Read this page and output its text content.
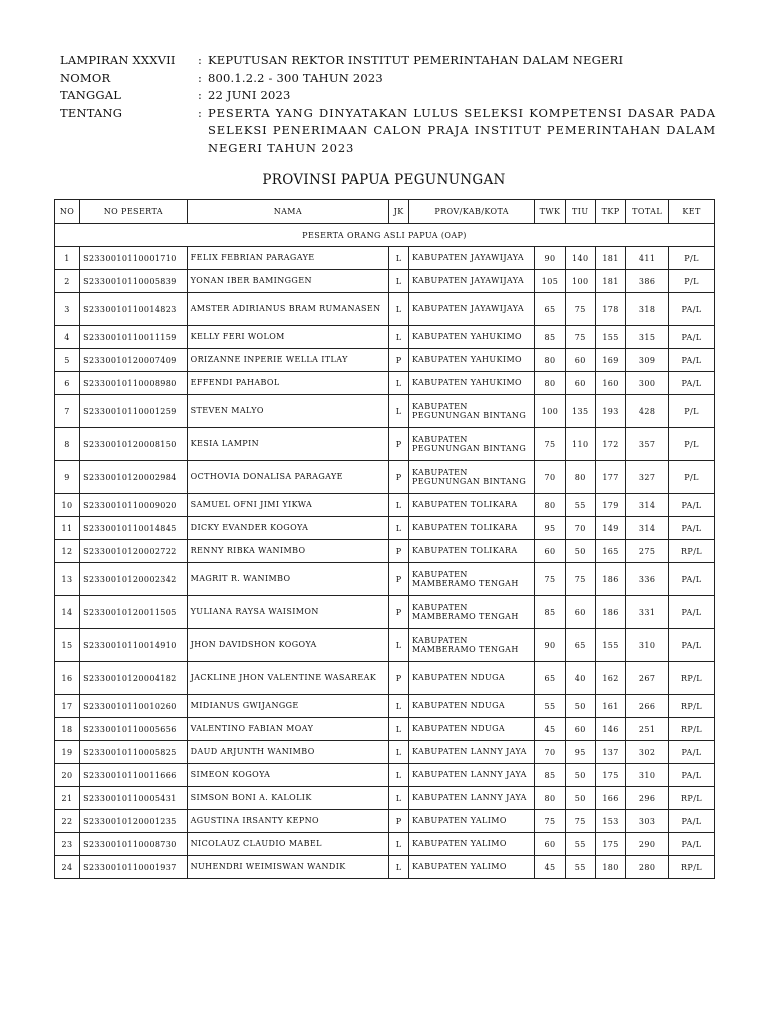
LAMPIRAN XXXVII	: KEPUTUSAN REKTOR INSTITUT PEMERINTAHAN DALAM NEGERI
NOMOR	: 800.1.2.2 - 300 TAHUN 2023
TANGGAL	: 22 JUNI 2023
TENTANG	: PESERTA YANG DINYATAKAN LULUS SELEKSI KOMPETENSI DASAR PADA SELEKSI PENERIMAAN CALON PRAJA INSTITUT PEMERINTAHAN DALAM NEGERI TAHUN 2023
PROVINSI PAPUA PEGUNUNGAN
NO	NO PESERTA	NAMA	JK	PROV/KAB/KOTA	TWK	TIU	TKP	TOTAL	KET
PESERTA ORANG ASLI PAPUA (OAP)									
1	S2330010110001710	FELIX FEBRIAN PARAGAYE	L	KABUPATEN JAYAWIJAYA	90	140	181	411	P/L
2	S2330010110005839	YONAN IBER BAMINGGEN	L	KABUPATEN JAYAWIJAYA	105	100	181	386	P/L
3	S2330010110014823	AMSTER ADIRIANUS BRAM RUMANASEN	L	KABUPATEN JAYAWIJAYA	65	75	178	318	PA/L
4	S2330010110011159	KELLY FERI WOLOM	L	KABUPATEN YAHUKIMO	85	75	155	315	PA/L
5	S2330010120007409	ORIZANNE INPERIE WELLA ITLAY	P	KABUPATEN YAHUKIMO	80	60	169	309	PA/L
6	S2330010110008980	EFFENDI PAHABOL	L	KABUPATEN YAHUKIMO	80	60	160	300	PA/L
7	S2330010110001259	STEVEN MALYO	L	KABUPATEN PEGUNUNGAN BINTANG	100	135	193	428	P/L
8	S2330010120008150	KESIA LAMPIN	P	KABUPATEN PEGUNUNGAN BINTANG	75	110	172	357	P/L
9	S2330010120002984	OCTHOVIA DONALISA PARAGAYE	P	KABUPATEN PEGUNUNGAN BINTANG	70	80	177	327	P/L
10	S2330010110009020	SAMUEL OFNI JIMI YIKWA	L	KABUPATEN TOLIKARA	80	55	179	314	PA/L
11	S2330010110014845	DICKY EVANDER KOGOYA	L	KABUPATEN TOLIKARA	95	70	149	314	PA/L
12	S2330010120002722	RENNY RIBKA WANIMBO	P	KABUPATEN TOLIKARA	60	50	165	275	RP/L
13	S2330010120002342	MAGRIT R. WANIMBO	P	KABUPATEN MAMBERAMO TENGAH	75	75	186	336	PA/L
14	S2330010120011505	YULIANA RAYSA WAISIMON	P	KABUPATEN MAMBERAMO TENGAH	85	60	186	331	PA/L
15	S2330010110014910	JHON DAVIDSHON KOGOYA	L	KABUPATEN MAMBERAMO TENGAH	90	65	155	310	PA/L
16	S2330010120004182	JACKLINE JHON VALENTINE WASAREAK	P	KABUPATEN NDUGA	65	40	162	267	RP/L
17	S2330010110010260	MIDIANUS GWIJANGGE	L	KABUPATEN NDUGA	55	50	161	266	RP/L
18	S2330010110005656	VALENTINO FABIAN MOAY	L	KABUPATEN NDUGA	45	60	146	251	RP/L
19	S2330010110005825	DAUD ARJUNTH WANIMBO	L	KABUPATEN LANNY JAYA	70	95	137	302	PA/L
20	S2330010110011666	SIMEON KOGOYA	L	KABUPATEN LANNY JAYA	85	50	175	310	PA/L
21	S2330010110005431	SIMSON BONI A. KALOLIK	L	KABUPATEN LANNY JAYA	80	50	166	296	RP/L
22	S2330010120001235	AGUSTINA IRSANTY KEPNO	P	KABUPATEN YALIMO	75	75	153	303	PA/L
23	S2330010110008730	NICOLAUZ CLAUDIO MABEL	L	KABUPATEN YALIMO	60	55	175	290	PA/L
24	S2330010110001937	NUHENDRI WEIMISWAN WANDIK	L	KABUPATEN YALIMO	45	55	180	280	RP/L
